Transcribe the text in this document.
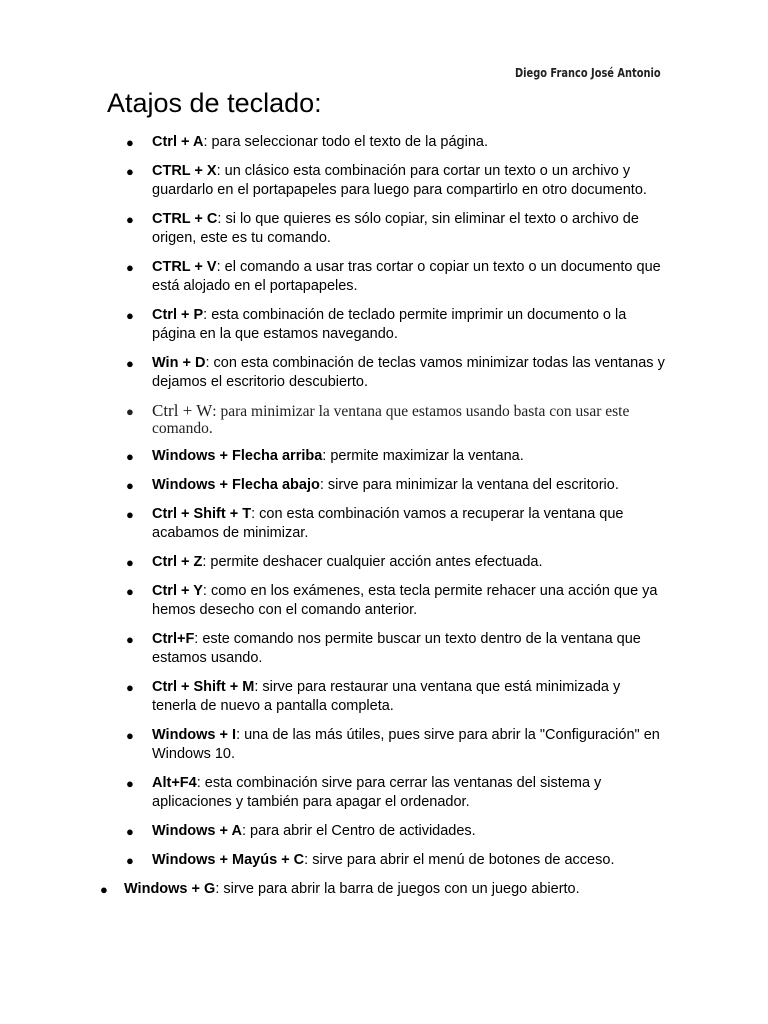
Diego Franco José Antonio
Atajos de teclado:
● Ctrl + A: para seleccionar todo el texto de la página.
● CTRL + X: un clásico esta combinación para cortar un texto o un archivo y guardarlo en el portapapeles para luego para compartirlo en otro documento.
● CTRL + C: si lo que quieres es sólo copiar, sin eliminar el texto o archivo de origen, este es tu comando.
● CTRL + V: el comando a usar tras cortar o copiar un texto o un documento que está alojado en el portapapeles.
● Ctrl + P: esta combinación de teclado permite imprimir un documento o la página en la que estamos navegando.
● Win + D: con esta combinación de teclas vamos minimizar todas las ventanas y dejamos el escritorio descubierto.
● Ctrl + W: para minimizar la ventana que estamos usando basta con usar este comando.
● Windows + Flecha arriba: permite maximizar la ventana.
● Windows + Flecha abajo: sirve para minimizar la ventana del escritorio.
● Ctrl + Shift + T: con esta combinación vamos a recuperar la ventana que acabamos de minimizar.
● Ctrl + Z: permite deshacer cualquier acción antes efectuada.
● Ctrl + Y: como en los exámenes, esta tecla permite rehacer una acción que ya hemos desecho con el comando anterior.
● Ctrl+F: este comando nos permite buscar un texto dentro de la ventana que estamos usando.
● Ctrl + Shift + M: sirve para restaurar una ventana que está minimizada y tenerla de nuevo a pantalla completa.
● Windows + I: una de las más útiles, pues sirve para abrir la "Configuración" en Windows 10.
● Alt+F4: esta combinación sirve para cerrar las ventanas del sistema y aplicaciones y también para apagar el ordenador.
● Windows + A: para abrir el Centro de actividades.
● Windows + Mayús + C: sirve para abrir el menú de botones de acceso.
● Windows + G: sirve para abrir la barra de juegos con un juego abierto.
